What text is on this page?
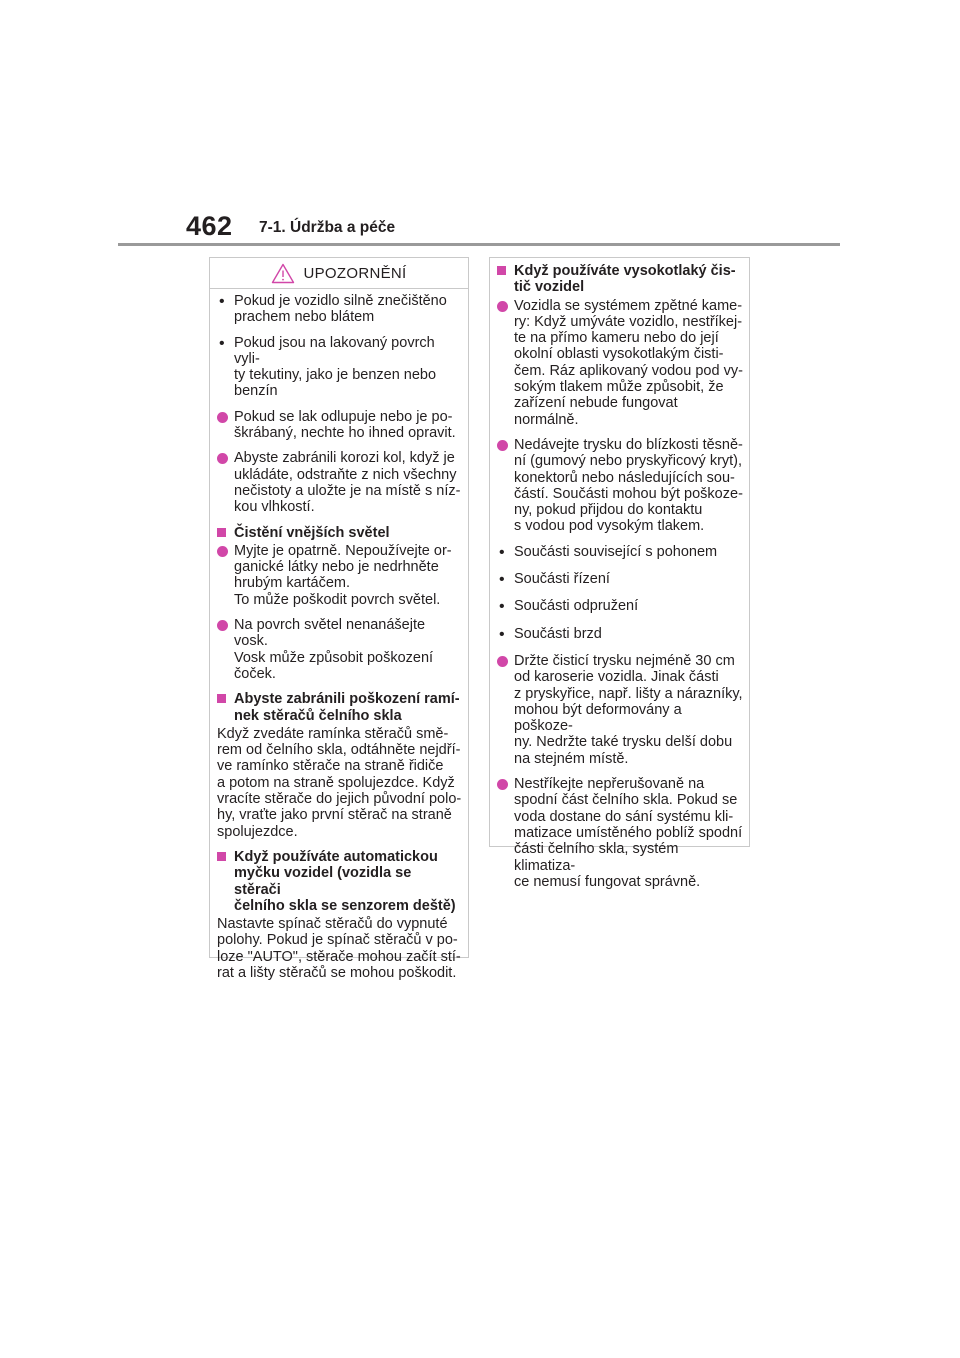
462 7-1. Údržba a péče
UPOZORNĚNÍ
• Pokud je vozidlo silně znečištěno

prachem nebo blátem

• Pokud jsou na lakovaný povrch vyli-

ty tekutiny, jako je benzen nebo

benzín

Pokud se lak odlupuje nebo je po-

škrábaný, nechte ho ihned opravit.

Abyste zabránili korozi kol, když je

ukládáte, odstraňte z nich všechny

nečistoty a uložte je na místě s níz-

kou vlhkostí.

Čistění vnějších světel

Myjte je opatrně. Nepoužívejte or-

ganické látky nebo je nedrhněte

hrubým kartáčem.

To může poškodit povrch světel.

Na povrch světel nenanášejte vosk.

Vosk může způsobit poškození

čoček.

Abyste zabránili poškození ramí-

nek stěračů čelního skla

Když zvedáte ramínka stěračů smě-

rem od čelního skla, odtáhněte nejdří-

ve ramínko stěrače na straně řidiče

a potom na straně spolujezdce. Když

vracíte stěrače do jejich původní polo-

hy, vraťte jako první stěrač na straně

spolujezdce.

Když používáte automatickou

myčku vozidel (vozidla se stěrači

čelního skla se senzorem deště)

Nastavte spínač stěračů do vypnuté

polohy. Pokud je spínač stěračů v po-

loze "AUTO", stěrače mohou začít stí-

rat a lišty stěračů se mohou poškodit.

Když používáte vysokotlaký čis-

tič vozidel

Vozidla se systémem zpětné kame-

ry: Když umýváte vozidlo, nestříkej-

te na přímo kameru nebo do její

okolní oblasti vysokotlakým čisti-

čem. Ráz aplikovaný vodou pod vy-

sokým tlakem může způsobit, že

zařízení nebude fungovat normálně.

Nedávejte trysku do blízkosti těsně-

ní (gumový nebo pryskyřicový kryt),

konektorů nebo následujících sou-

částí. Součásti mohou být poškoze-

ny, pokud přijdou do kontaktu

s vodou pod vysokým tlakem.

• Součásti související s pohonem

• Součásti řízení

• Součásti odpružení

• Součásti brzd

Držte čisticí trysku nejméně 30 cm

od karoserie vozidla. Jinak části

z pryskyřice, např. lišty a nárazníky,

mohou být deformovány a poškoze-

ny. Nedržte také trysku delší dobu

na stejném místě.

Nestříkejte nepřerušovaně na

spodní část čelního skla. Pokud se

voda dostane do sání systému kli-

matizace umístěného poblíž spodní

části čelního skla, systém klimatiza-

ce nemusí fungovat správně.
